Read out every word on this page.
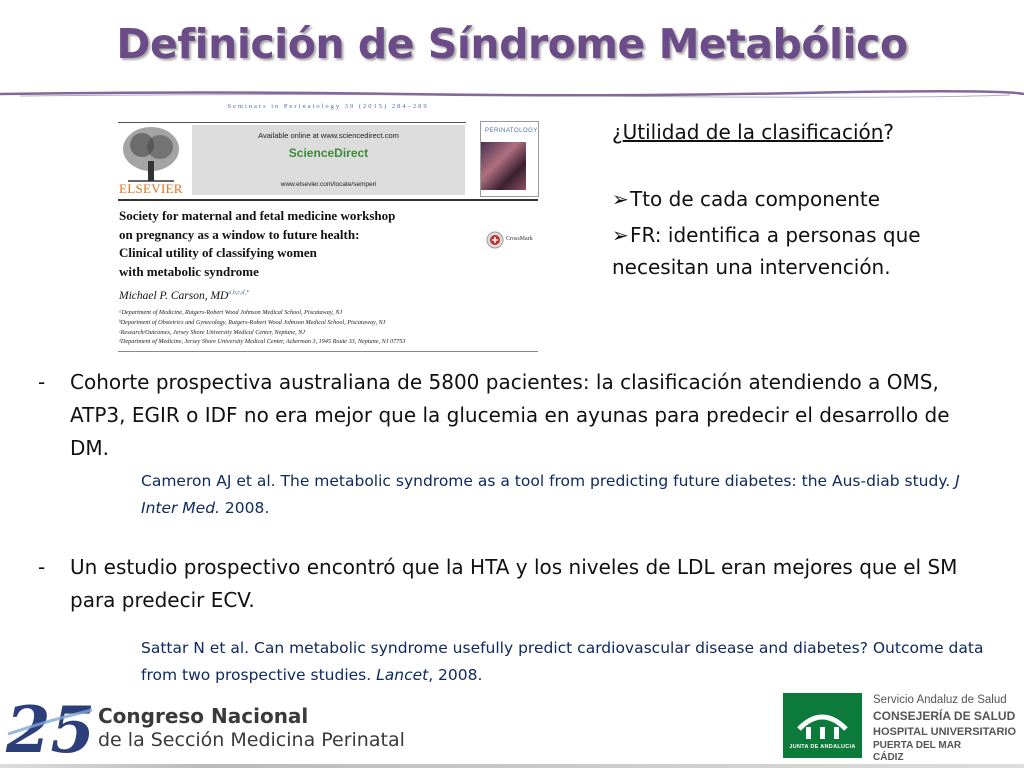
Definición de Síndrome Metabólico
Seminars in Perinatology 39 (2015) 284–289
ELSEVIER
Available online at www.sciencedirect.com
ScienceDirect
www.elsevier.com/locate/semperi
PERINATOLOGY
Society for maternal and fetal medicine workshop
on pregnancy as a window to future health:
Clinical utility of classifying women
with metabolic syndrome
CrossMark
Michael P. Carson, $MD^{a,b,c,d,*}$
ᵃDepartment of Medicine, Rutgers-Robert Wood Johnson Medical School, Piscataway, NJ
ᵇDepartment of Obstetrics and Gynecology, Rutgers-Robert Wood Johnson Medical School, Piscataway, NJ
ᶜResearch/Outcomes, Jersey Shore University Medical Center, Neptune, NJ
ᵈDepartment of Medicine, Jersey Shore University Medical Center, Ackerman 3, 1945 Route 33, Neptune, NJ 07753
¿Utilidad de la clasificación?
➢Tto de cada componente
➢FR: identifica a personas que necesitan una intervención.
- Cohorte prospectiva australiana de 5800 pacientes: la clasificación atendiendo a OMS, ATP3, EGIR o IDF no era mejor que la glucemia en ayunas para predecir el desarrollo de DM.
Cameron AJ et al. The metabolic syndrome as a tool from predicting future diabetes: the Aus-diab study. J Inter Med. 2008.
- Un estudio prospectivo encontró que la HTA y los niveles de LDL eran mejores que el SM para predecir ECV.
Sattar N et al. Can metabolic syndrome usefully predict cardiovascular disease and diabetes? Outcome data from two prospective studies. Lancet, 2008.
25 Congreso Nacional
de la Sección Medicina Perinatal	JUNTA DE ANDALUCIA
Servicio Andaluz de Salud
CONSEJERÍA DE SALUD
HOSPITAL UNIVERSITARIO
PUERTA DEL MAR
CÁDIZ
